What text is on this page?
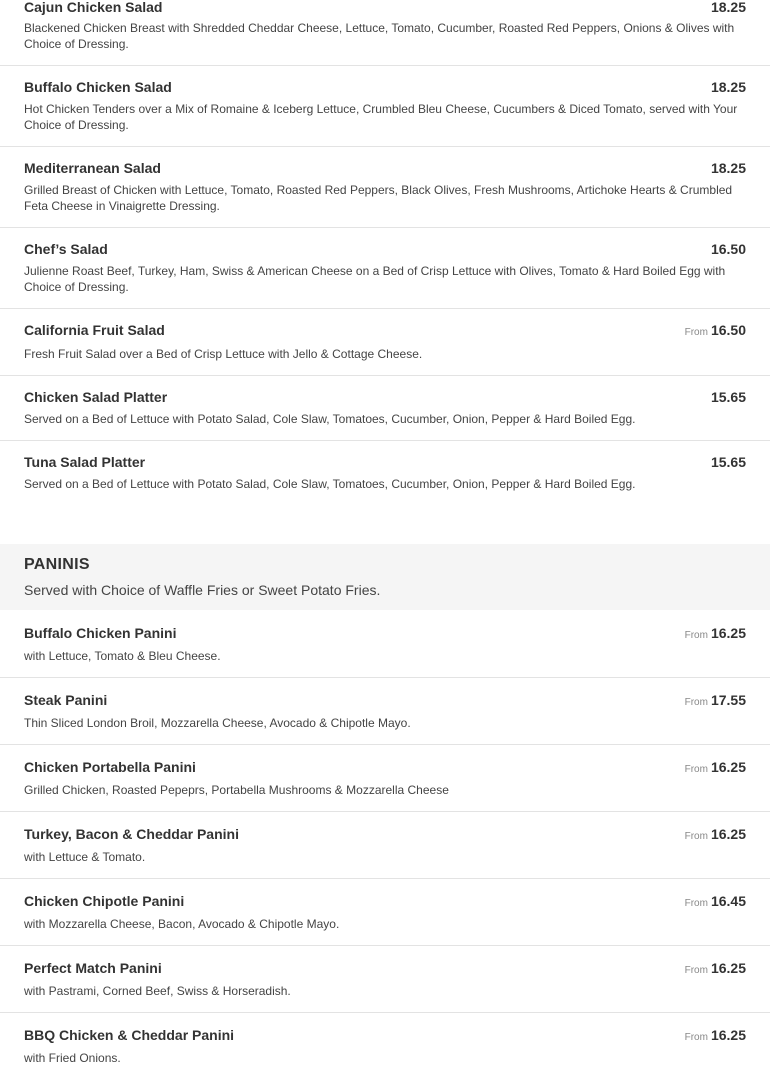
Cajun Chicken Salad	18.25
Blackened Chicken Breast with Shredded Cheddar Cheese, Lettuce, Tomato, Cucumber, Roasted Red Peppers, Onions & Olives with Choice of Dressing.
Buffalo Chicken Salad	18.25
Hot Chicken Tenders over a Mix of Romaine & Iceberg Lettuce, Crumbled Bleu Cheese, Cucumbers & Diced Tomato, served with Your Choice of Dressing.
Mediterranean Salad	18.25
Grilled Breast of Chicken with Lettuce, Tomato, Roasted Red Peppers, Black Olives, Fresh Mushrooms, Artichoke Hearts & Crumbled Feta Cheese in Vinaigrette Dressing.
Chef’s Salad	16.50
Julienne Roast Beef, Turkey, Ham, Swiss & American Cheese on a Bed of Crisp Lettuce with Olives, Tomato & Hard Boiled Egg with Choice of Dressing.
California Fruit Salad	From 16.50
Fresh Fruit Salad over a Bed of Crisp Lettuce with Jello & Cottage Cheese.
Chicken Salad Platter	15.65
Served on a Bed of Lettuce with Potato Salad, Cole Slaw, Tomatoes, Cucumber, Onion, Pepper & Hard Boiled Egg.
Tuna Salad Platter	15.65
Served on a Bed of Lettuce with Potato Salad, Cole Slaw, Tomatoes, Cucumber, Onion, Pepper & Hard Boiled Egg.
PANINIS
Served with Choice of Waffle Fries or Sweet Potato Fries.
Buffalo Chicken Panini	From 16.25
with Lettuce, Tomato & Bleu Cheese.
Steak Panini	From 17.55
Thin Sliced London Broil, Mozzarella Cheese, Avocado & Chipotle Mayo.
Chicken Portabella Panini	From 16.25
Grilled Chicken, Roasted Pepeprs, Portabella Mushrooms & Mozzarella Cheese
Turkey, Bacon & Cheddar Panini	From 16.25
with Lettuce & Tomato.
Chicken Chipotle Panini	From 16.45
with Mozzarella Cheese, Bacon, Avocado & Chipotle Mayo.
Perfect Match Panini	From 16.25
with Pastrami, Corned Beef, Swiss & Horseradish.
BBQ Chicken & Cheddar Panini	From 16.25
with Fried Onions.
